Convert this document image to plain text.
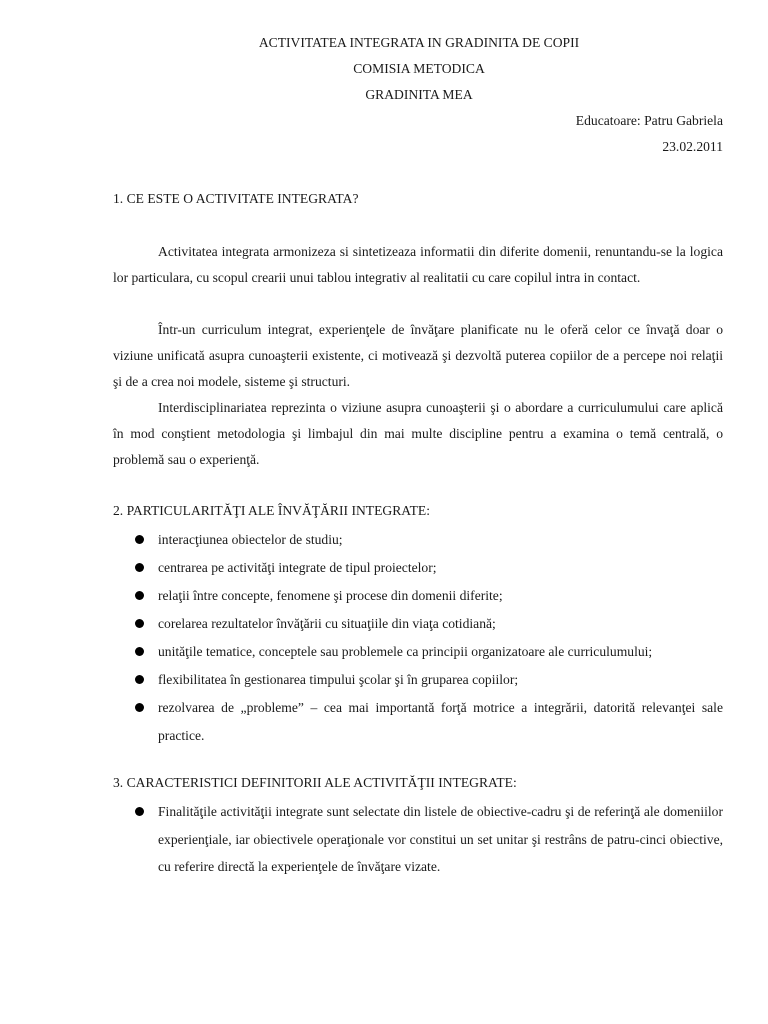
ACTIVITATEA INTEGRATA IN GRADINITA DE COPII
COMISIA METODICA
GRADINITA MEA
Educatoare: Patru Gabriela
23.02.2011
1. CE ESTE O ACTIVITATE INTEGRATA?

Activitatea integrata armonizeza si sintetizeaza informatii din diferite domenii, renuntandu-se la logica lor particulara, cu scopul crearii unui tablou integrativ al realitatii cu care copilul intra in contact.

Într-un curriculum integrat, experienţele de învăţare planificate nu le oferă celor ce învaţă doar o viziune unificată asupra cunoaşterii existente, ci motivează şi dezvoltă puterea copiilor de a percepe noi relaţii şi de a crea noi modele, sisteme şi structuri.

Interdisciplinariatea reprezinta o viziune asupra cunoaşterii şi o abordare a curriculumului care aplică în mod conştient metodologia şi limbajul din mai multe discipline pentru a examina o temă centrală, o problemă sau o experienţă.

2. PARTICULARITĂŢI ALE ÎNVĂŢĂRII INTEGRATE:
interacţiunea obiectelor de studiu;
centrarea pe activităţi integrate de tipul proiectelor;
relaţii între concepte, fenomene şi procese din domenii diferite;
corelarea rezultatelor învăţării cu situaţiile din viaţa cotidiană;
unităţile tematice, conceptele sau problemele ca principii organizatoare ale curriculumului;
flexibilitatea în gestionarea timpului şcolar şi în gruparea copiilor;
rezolvarea de „probleme” – cea mai importantă forţă motrice a integrării, datorită relevanţei sale practice.
3. CARACTERISTICI DEFINITORII ALE ACTIVITĂŢII INTEGRATE:
Finalităţile activităţii integrate sunt selectate din listele de obiective-cadru şi de referinţă ale domeniilor experienţiale, iar obiectivele operaţionale vor constitui un set unitar şi restrâns de patru-cinci obiective, cu referire directă la experienţele de învăţare vizate.
